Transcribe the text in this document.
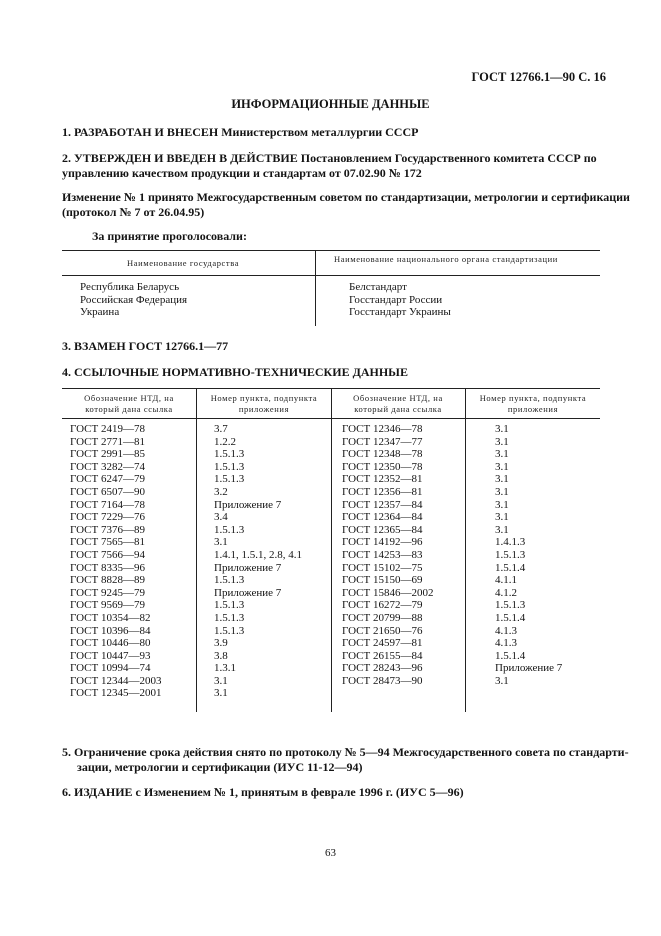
ГОСТ 12766.1—90 С. 16
ИНФОРМАЦИОННЫЕ ДАННЫЕ
1. РАЗРАБОТАН И ВНЕСЕН Министерством металлургии СССР
2. УТВЕРЖДЕН И ВВЕДЕН В ДЕЙСТВИЕ Постановлением Государственного комитета СССР по
управлению качеством продукции и стандартам от 07.02.90 № 172
Изменение № 1 принято Межгосударственным советом по стандартизации, метрологии и сертификации
(протокол № 7 от 26.04.95)
За принятие проголосовали:
Наименование государства	Наименование национального органа стандартизации
Республика Беларусь
Российская Федерация
Украина
Белстандарт
Госстандарт России
Госстандарт Украины
3. ВЗАМЕН ГОСТ 12766.1—77
4. ССЫЛОЧНЫЕ НОРМАТИВНО-ТЕХНИЧЕСКИЕ ДАННЫЕ
Обозначение НТД, на
который дана ссылка
Номер пункта, подпункта
приложения
Обозначение НТД, на
который дана ссылка
Номер пункта, подпункта
приложения
ГОСТ 2419—78
ГОСТ 2771—81
ГОСТ 2991—85
ГОСТ 3282—74
ГОСТ 6247—79
ГОСТ 6507—90
ГОСТ 7164—78
ГОСТ 7229—76
ГОСТ 7376—89
ГОСТ 7565—81
ГОСТ 7566—94
ГОСТ 8335—96
ГОСТ 8828—89
ГОСТ 9245—79
ГОСТ 9569—79
ГОСТ 10354—82
ГОСТ 10396—84
ГОСТ 10446—80
ГОСТ 10447—93
ГОСТ 10994—74
ГОСТ 12344—2003
ГОСТ 12345—2001
3.7
1.2.2
1.5.1.3
1.5.1.3
1.5.1.3
3.2
Приложение 7
3.4
1.5.1.3
3.1
1.4.1, 1.5.1, 2.8, 4.1
Приложение 7
1.5.1.3
Приложение 7
1.5.1.3
1.5.1.3
1.5.1.3
3.9
3.8
1.3.1
3.1
3.1
ГОСТ 12346—78
ГОСТ 12347—77
ГОСТ 12348—78
ГОСТ 12350—78
ГОСТ 12352—81
ГОСТ 12356—81
ГОСТ 12357—84
ГОСТ 12364—84
ГОСТ 12365—84
ГОСТ 14192—96
ГОСТ 14253—83
ГОСТ 15102—75
ГОСТ 15150—69
ГОСТ 15846—2002
ГОСТ 16272—79
ГОСТ 20799—88
ГОСТ 21650—76
ГОСТ 24597—81
ГОСТ 26155—84
ГОСТ 28243—96
ГОСТ 28473—90
3.1
3.1
3.1
3.1
3.1
3.1
3.1
3.1
3.1
1.4.1.3
1.5.1.3
1.5.1.4
4.1.1
4.1.2
1.5.1.3
1.5.1.4
4.1.3
4.1.3
1.5.1.4
Приложение 7
3.1
5. Ограничение срока действия снято по протоколу № 5—94 Межгосударственного совета по стандарти-
зации, метрологии и сертификации (ИУС 11-12—94)
6. ИЗДАНИЕ с Изменением № 1, принятым в феврале 1996 г. (ИУС 5—96)
63
